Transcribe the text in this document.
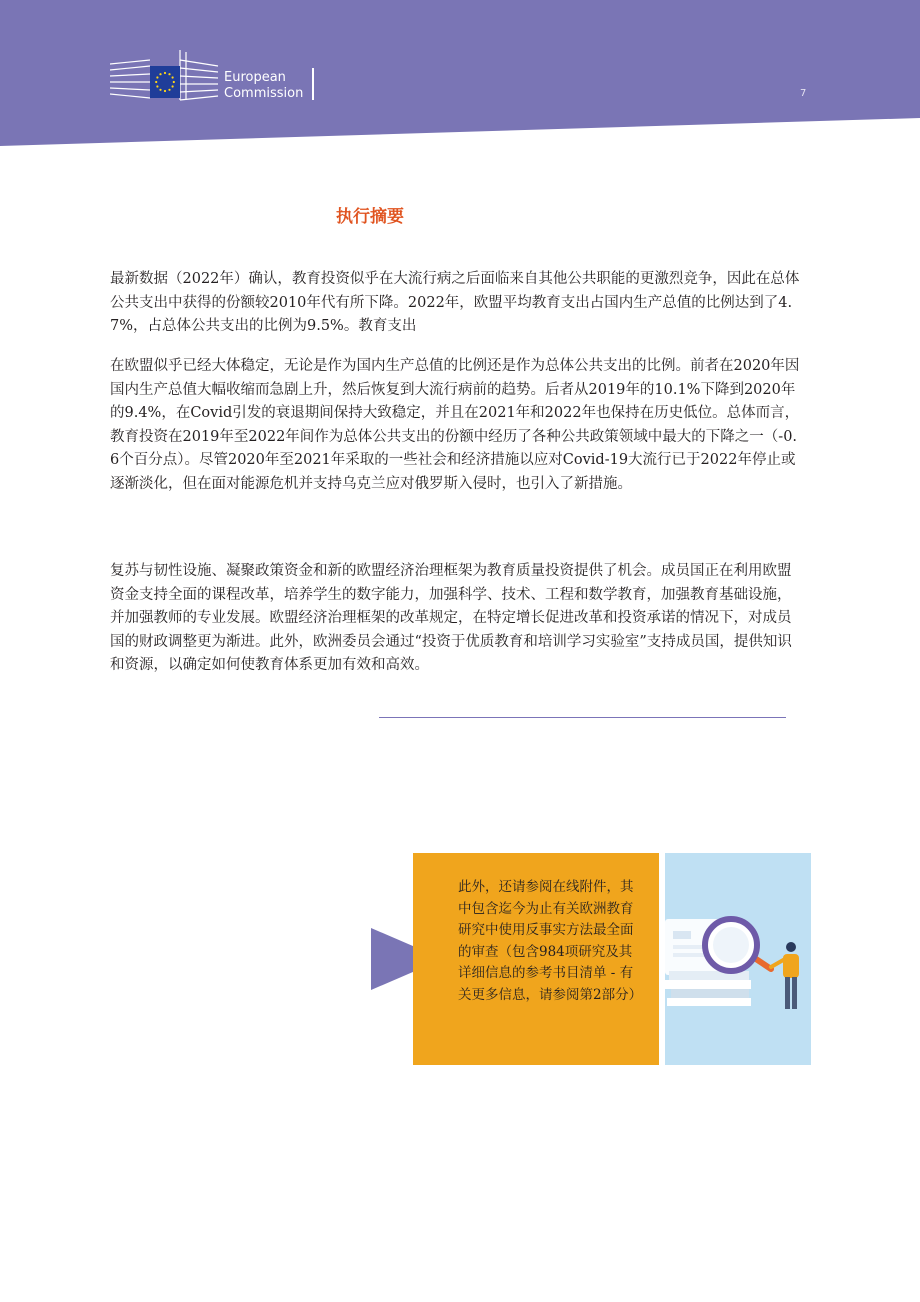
European
Commission	7
执行摘要

最新数据（2022年）确认，教育投资似乎在大流行病之后面临来自其他公共职能的更激烈竞争，因此在总体公共支出中获得的份额较2010年代有所下降。2022年，欧盟平均教育支出占国内生产总值的比例达到了4.7%，占总体公共支出的比例为9.5%。教育支出

在欧盟似乎已经大体稳定，无论是作为国内生产总值的比例还是作为总体公共支出的比例。前者在2020年因国内生产总值大幅收缩而急剧上升，然后恢复到大流行病前的趋势。后者从2019年的10.1%下降到2020年的9.4%，在Covid引发的衰退期间保持大致稳定，并且在2021年和2022年也保持在历史低位。总体而言，教育投资在2019年至2022年间作为总体公共支出的份额中经历了各种公共政策领域中最大的下降之一（-0.6个百分点）。尽管2020年至2021年采取的一些社会和经济措施以应对Covid-19大流行已于2022年停止或逐渐淡化，但在面对能源危机并支持乌克兰应对俄罗斯入侵时，也引入了新措施。

复苏与韧性设施、凝聚政策资金和新的欧盟经济治理框架为教育质量投资提供了机会。成员国正在利用欧盟资金支持全面的课程改革，培养学生的数字能力，加强科学、技术、工程和数学教育，加强教育基础设施，并加强教师的专业发展。欧盟经济治理框架的改革规定，在特定增长促进改革和投资承诺的情况下，对成员国的财政调整更为渐进。此外，欧洲委员会通过“投资于优质教育和培训学习实验室”支持成员国，提供知识和资源，以确定如何使教育体系更加有效和高效。

此外，还请参阅在线附件，其中包含迄今为止有关欧洲教育研究中使用反事实方法最全面的审查（包含984项研究及其详细信息的参考书目清单 - 有关更多信息，请参阅第2部分）
